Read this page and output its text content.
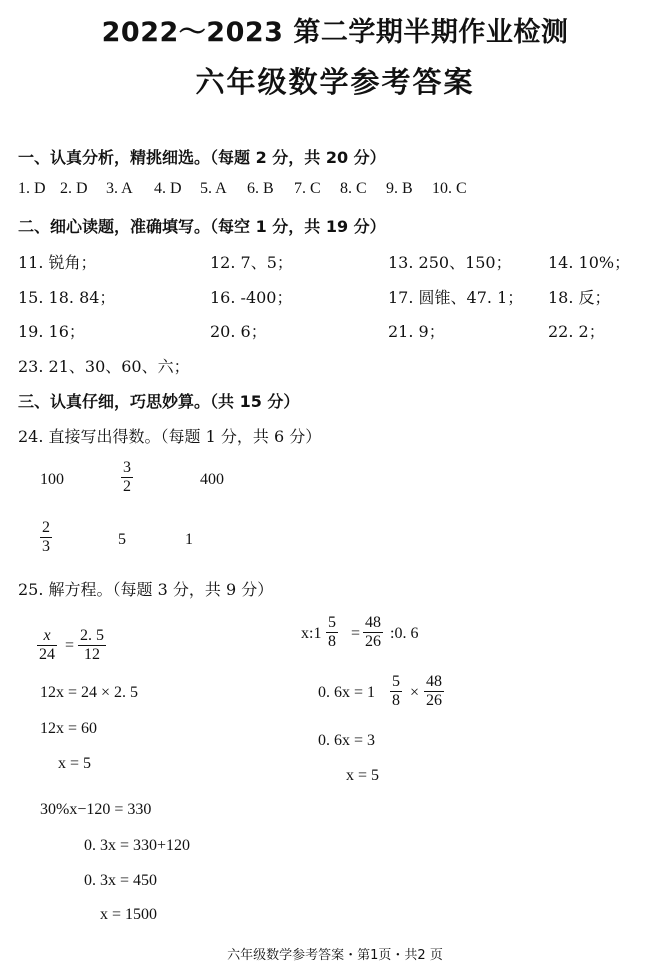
2022～2023 第二学期半期作业检测
六年级数学参考答案
一、认真分析，精挑细选。（每题 2 分，共 20 分）
1. D 2. D 3. A 4. D 5. A 6. B 7. C 8. C 9. B 10. C
二、细心读题，准确填写。（每空 1 分，共 19 分）
11. 锐角；	12. 7、5；	13. 250、150； 14. 10%；
15. 18. 84；	16. -400；	17. 圆锥、47. 1； 18. 反；
19. 16；	20. 6；	21. 9；	22. 2；
23. 21、30、60、六；
三、认真仔细，巧思妙算。（共 15 分）
24. 直接写出得数。（每题 1 分，共 6 分）
100	$\frac{3}{2}$	400
$\frac{2}{3}$	5	1
25. 解方程。（每题 3 分，共 9 分）
$\frac{x}{24} = \frac{2. 5}{12}$
12x = 24 × 2. 5
12x = 60
x = 5
x:1 $\frac{5}{8} = \frac{48}{26}$ :0. 6
0. $6x = 1 \frac{5}{8} \times \frac{48}{26}$
0. 6x = 3
x = 5
30%x−120 = 330
0. 3x = 330+120
0. 3x = 450
x = 1500
六年级数学参考答案・第1页・共2 页
